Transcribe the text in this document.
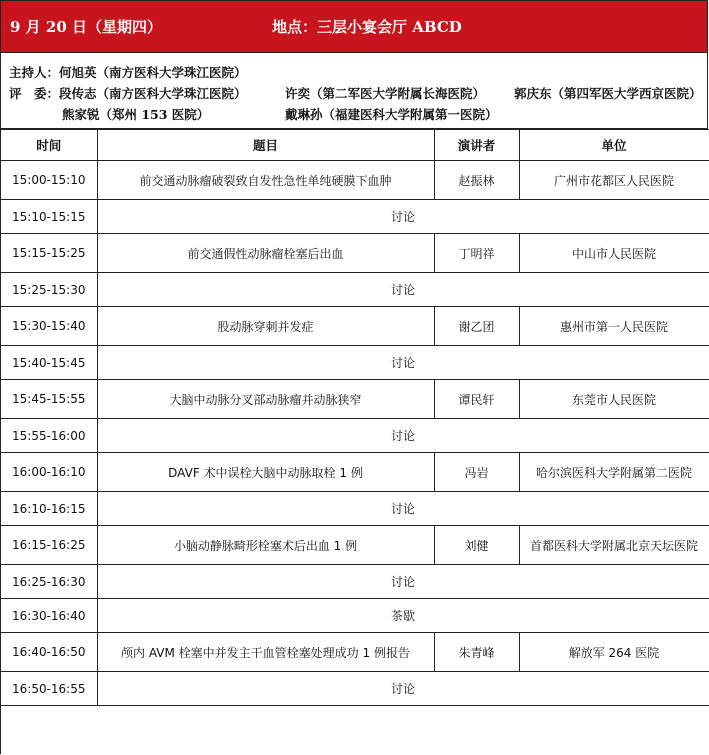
9 月 20 日（星期四）	地点：三层小宴会厅 ABCD
主持人：何旭英（南方医科大学珠江医院）
评　委：段传志（南方医科大学珠江医院）	许奕（第二军医大学附属长海医院） 郭庆东（第四军医大学西京医院）
熊家锐（郑州 153 医院）	戴琳孙（福建医科大学附属第一医院）
时间	题目	演讲者	单位
15:00-15:10	前交通动脉瘤破裂致自发性急性单纯硬膜下血肿	赵振林	广州市花都区人民医院
15:10-15:15	讨论		
15:15-15:25	前交通假性动脉瘤栓塞后出血	丁明祥	中山市人民医院
15:25-15:30	讨论		
15:30-15:40	股动脉穿刺并发症	谢乙团	惠州市第一人民医院
15:40-15:45	讨论		
15:45-15:55	大脑中动脉分叉部动脉瘤并动脉狭窄	谭民轩	东莞市人民医院
15:55-16:00	讨论		
16:00-16:10	DAVF 术中误栓大脑中动脉取栓 1 例	冯岩	哈尔滨医科大学附属第二医院
16:10-16:15	讨论		
16:15-16:25	小脑动静脉畸形栓塞术后出血 1 例	刘健	首都医科大学附属北京天坛医院
16:25-16:30	讨论		
16:30-16:40	茶歇		
16:40-16:50	颅内 AVM 栓塞中并发主干血管栓塞处理成功 1 例报告	朱青峰	解放军 264 医院
16:50-16:55	讨论		
